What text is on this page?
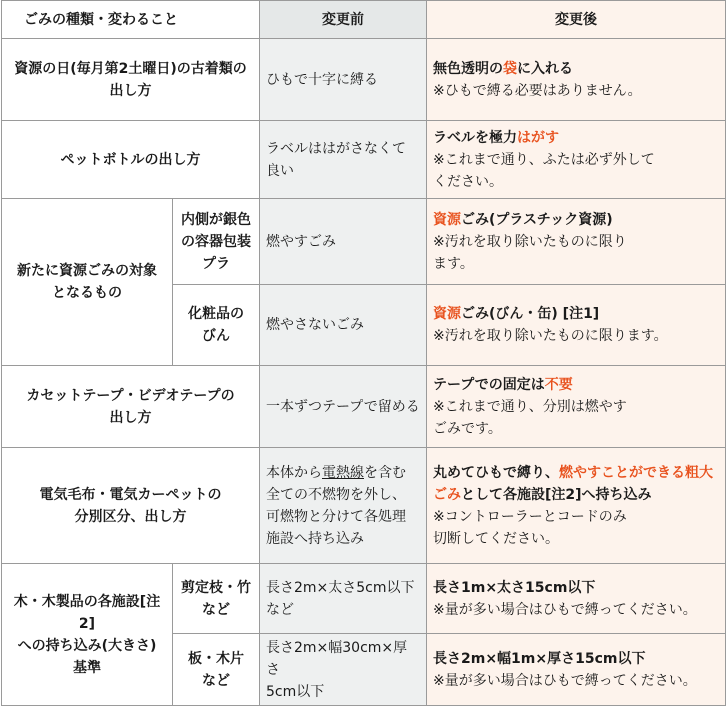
ごみの種類・変わること		変更前	変更後

資源の日(毎月第2土曜日)の古着類の
出し方		ひもで十字に縛る	無色透明の袋に入れる
※ひもで縛る必要はありません。

ペットボトルの出し方		ラベルははがさなくて
良い	ラベルを極力はがす
※これまで通り、ふたは必ず外して
ください。

新たに資源ごみの対象
となるもの	内側が銀色
の容器包装
プラ	燃やすごみ	資源ごみ(プラスチック資源)
※汚れを取り除いたものに限り
ます。

	化粧品の
びん	燃やさないごみ	資源ごみ(びん・缶) [注1]
※汚れを取り除いたものに限ります。

カセットテープ・ビデオテープの
出し方		一本ずつテープで留める	テープでの固定は不要
※これまで通り、分別は燃やす
ごみです。

電気毛布・電気カーペットの
分別区分、出し方		本体から電熱線を含む
全ての不燃物を外し、
可燃物と分けて各処理
施設へ持ち込み	丸めてひもで縛り、燃やすことができる粗大
ごみとして各施設[注2]へ持ち込み
※コントローラーとコードのみ
切断してください。

木・木製品の各施設[注2]
への持ち込み(大きさ)
基準	剪定枝・竹
など	長さ2m×太さ5cm以下
など	長さ1m×太さ15cm以下
※量が多い場合はひもで縛ってください。

	板・木片
など	長さ2m×幅30cm×厚さ
5cm以下	長さ2m×幅1m×厚さ15cm以下
※量が多い場合はひもで縛ってください。
